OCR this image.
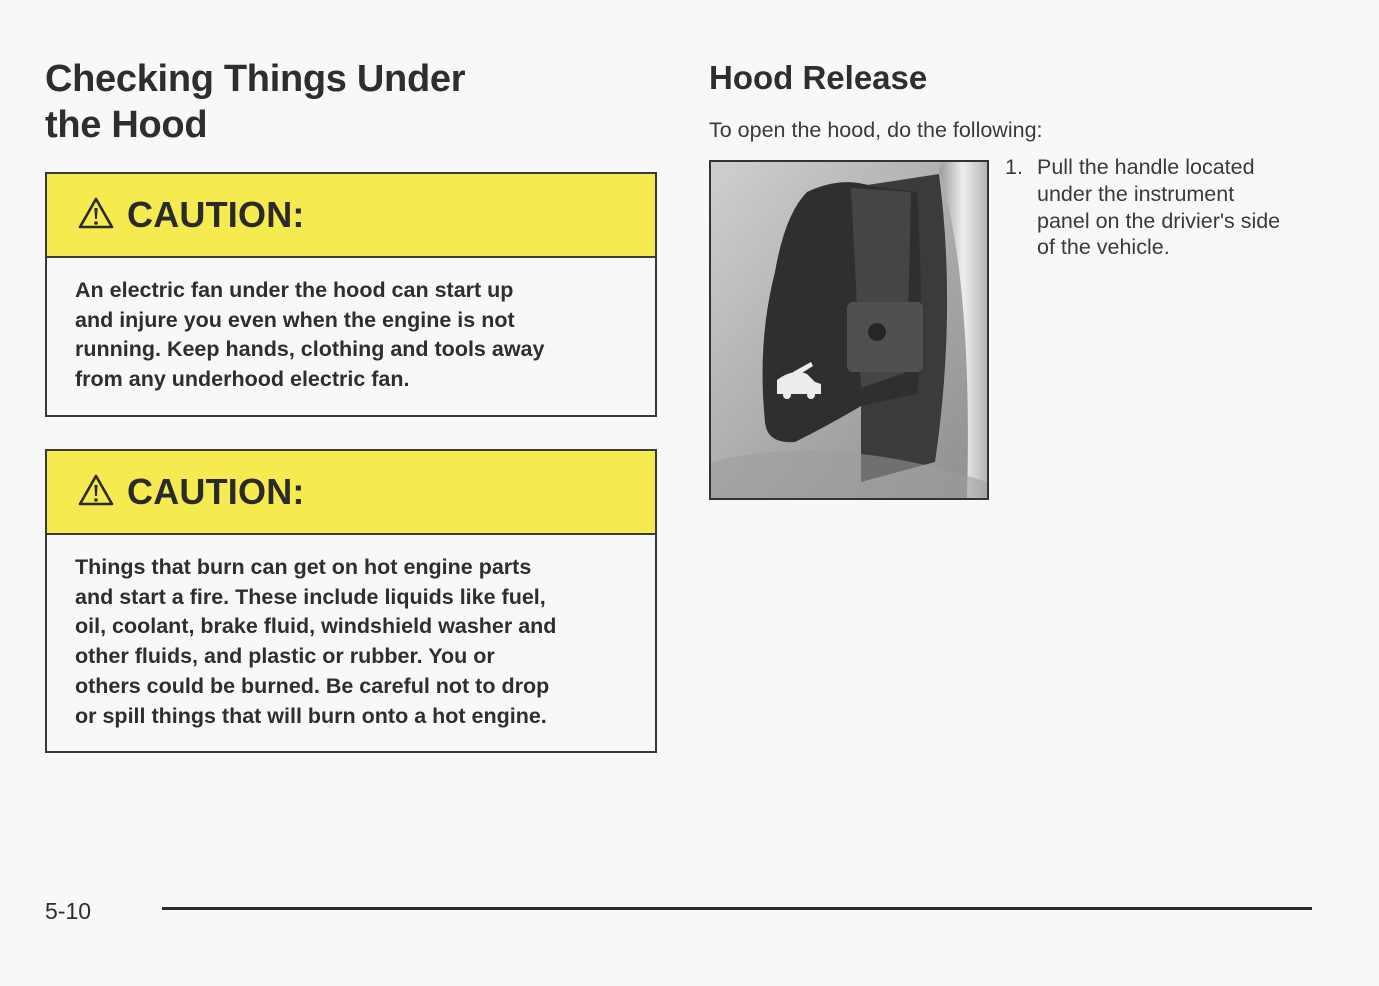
Checking Things Under
the Hood
CAUTION:
An electric fan under the hood can start up
and injure you even when the engine is not
running. Keep hands, clothing and tools away
from any underhood electric fan.
CAUTION:
Things that burn can get on hot engine parts
and start a fire. These include liquids like fuel,
oil, coolant, brake fluid, windshield washer and
other fluids, and plastic or rubber. You or
others could be burned. Be careful not to drop
or spill things that will burn onto a hot engine.
Hood Release
To open the hood, do the following:
1. Pull the handle located
under the instrument
panel on the drivier's side
of the vehicle.
5-10
